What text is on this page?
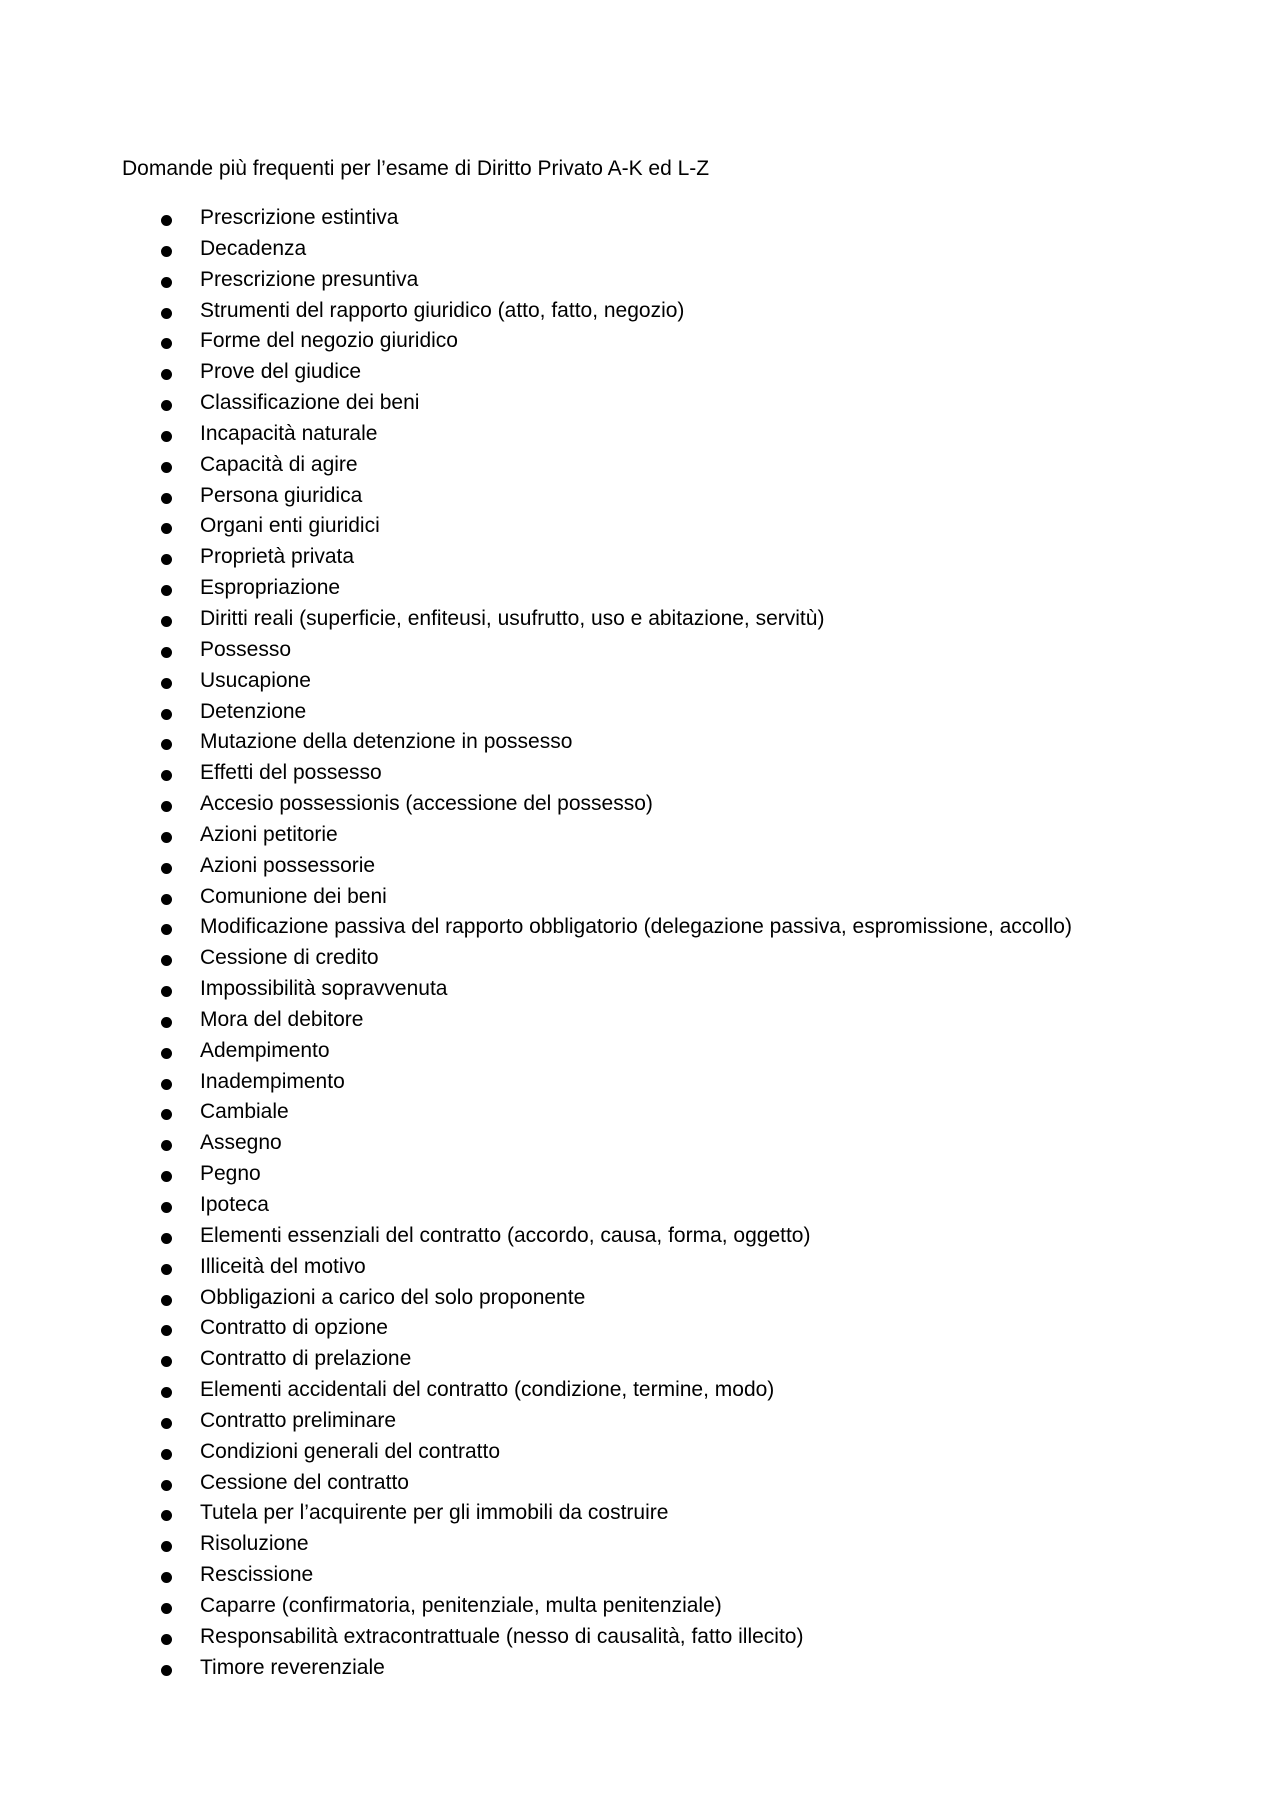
Domande più frequenti per l’esame di Diritto Privato A-K ed L-Z
Prescrizione estintiva
Decadenza
Prescrizione presuntiva
Strumenti del rapporto giuridico (atto, fatto, negozio)
Forme del negozio giuridico
Prove del giudice
Classificazione dei beni
Incapacità naturale
Capacità di agire
Persona giuridica
Organi enti giuridici
Proprietà privata
Espropriazione
Diritti reali (superficie, enfiteusi, usufrutto, uso e abitazione, servitù)
Possesso
Usucapione
Detenzione
Mutazione della detenzione in possesso
Effetti del possesso
Accesio possessionis (accessione del possesso)
Azioni petitorie
Azioni possessorie
Comunione dei beni
Modificazione passiva del rapporto obbligatorio (delegazione passiva, espromissione, accollo)
Cessione di credito
Impossibilità sopravvenuta
Mora del debitore
Adempimento
Inadempimento
Cambiale
Assegno
Pegno
Ipoteca
Elementi essenziali del contratto (accordo, causa, forma, oggetto)
Illiceità del motivo
Obbligazioni a carico del solo proponente
Contratto di opzione
Contratto di prelazione
Elementi accidentali del contratto (condizione, termine, modo)
Contratto preliminare
Condizioni generali del contratto
Cessione del contratto
Tutela per l’acquirente per gli immobili da costruire
Risoluzione
Rescissione
Caparre (confirmatoria, penitenziale, multa penitenziale)
Responsabilità extracontrattuale (nesso di causalità, fatto illecito)
Timore reverenziale
